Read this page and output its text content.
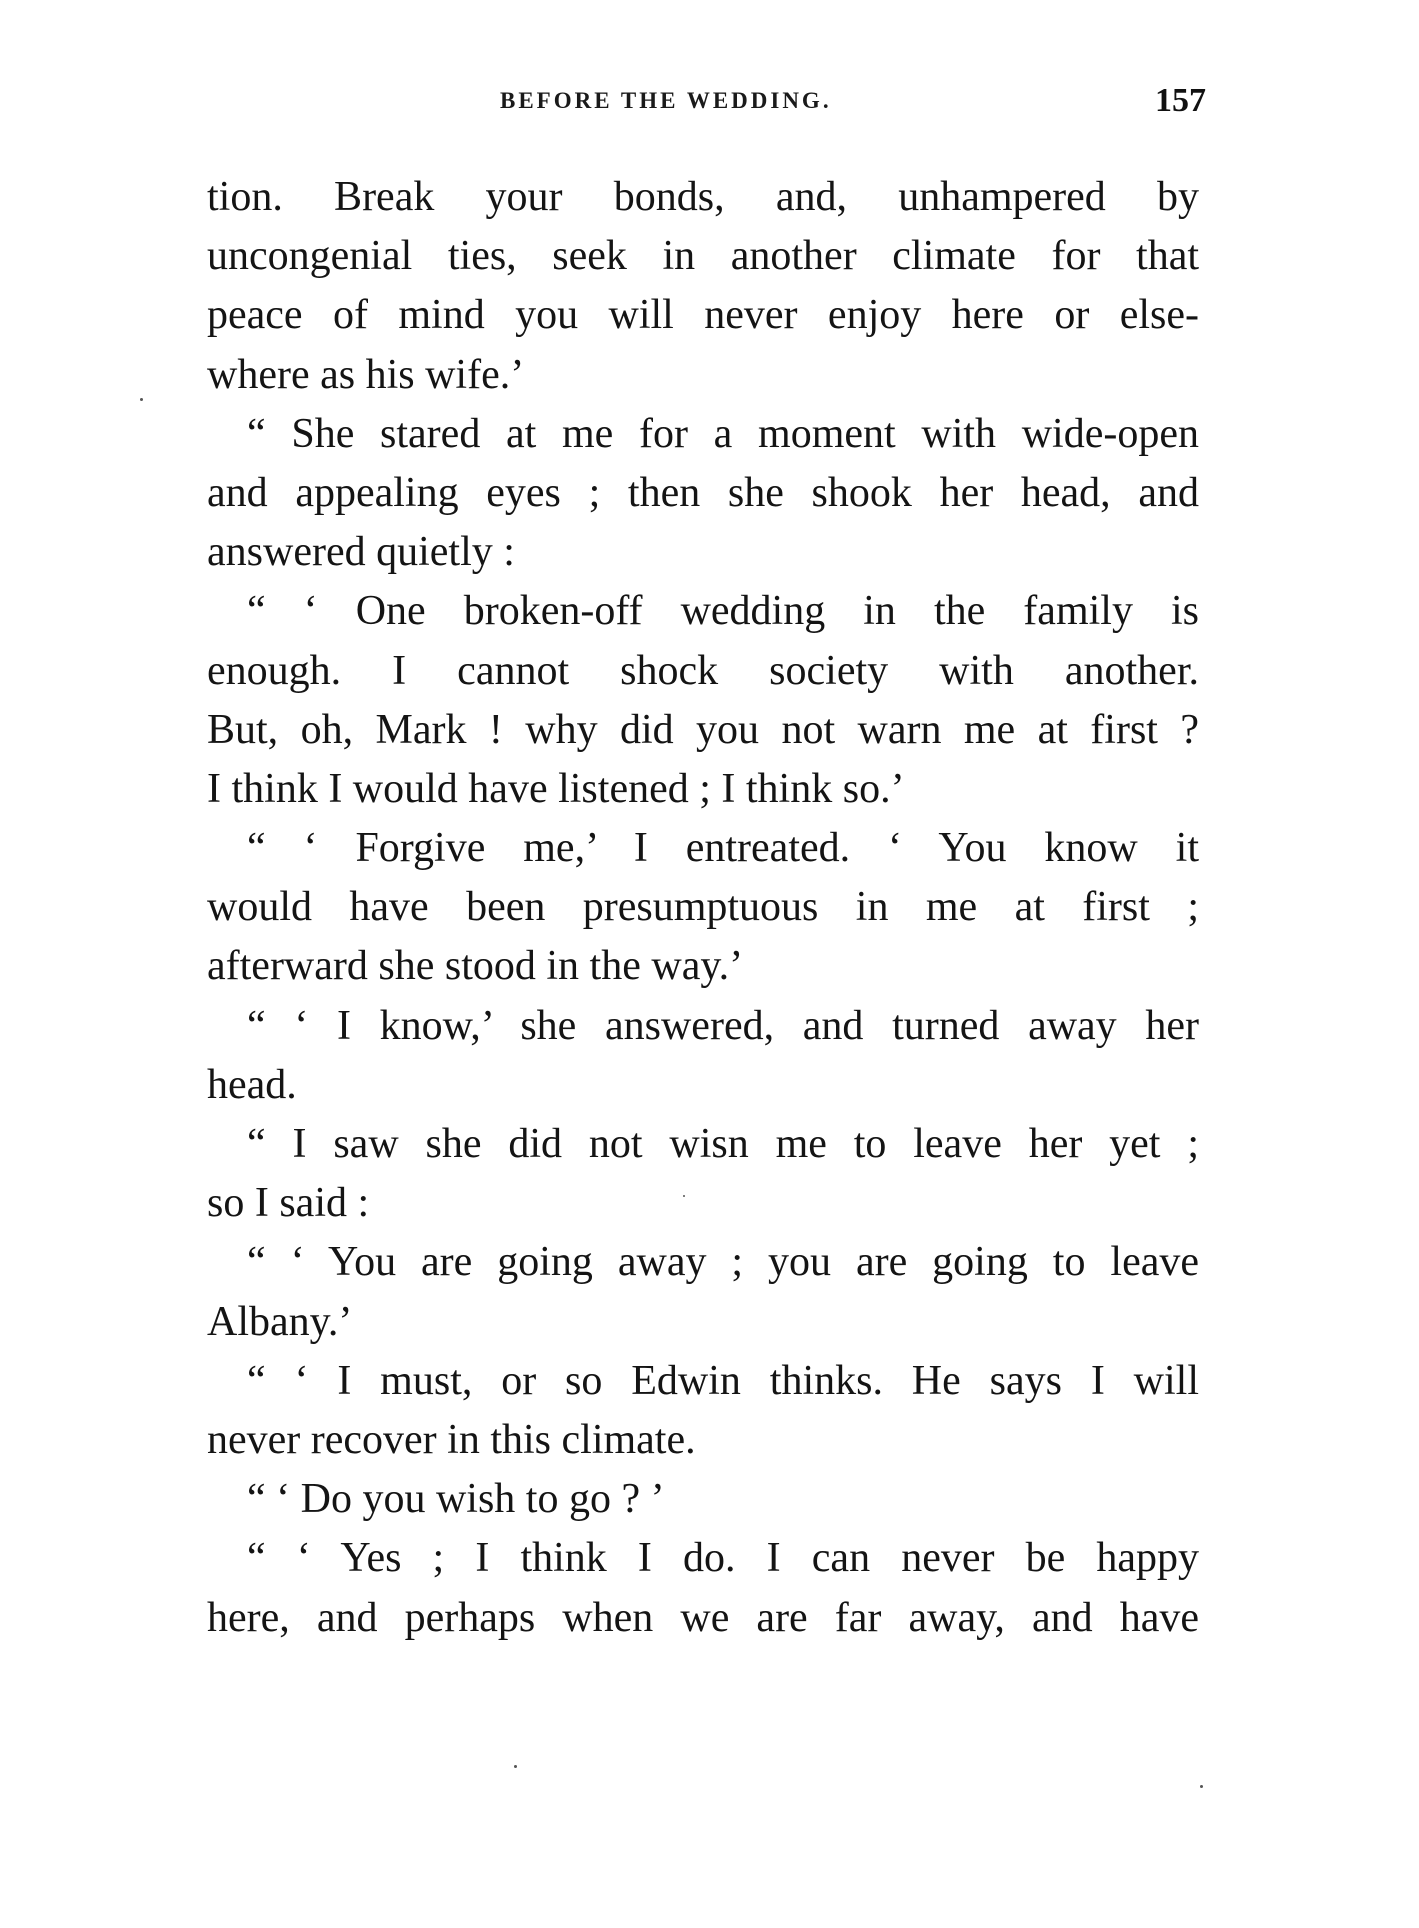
BEFORE THE WEDDING.	157
tion. Break your bonds, and, unhampered by
uncongenial ties, seek in another climate for that
peace of mind you will never enjoy here or else-
where as his wife.’
“ She stared at me for a moment with wide-open
and appealing eyes ; then she shook her head, and
answered quietly :
“ ‘ One broken-off wedding in the family is
enough. I cannot shock society with another.
But, oh, Mark ! why did you not warn me at first ?
I think I would have listened ; I think so.’
“ ‘ Forgive me,’ I entreated. ‘ You know it
would have been presumptuous in me at first ;
afterward she stood in the way.’
“ ‘ I know,’ she answered, and turned away her
head.
“ I saw she did not wisn me to leave her yet ;
so I said :
“ ‘ You are going away ; you are going to leave
Albany.’
“ ‘ I must, or so Edwin thinks. He says I will
never recover in this climate.
“ ‘ Do you wish to go ? ’
“ ‘ Yes ; I think I do. I can never be happy
here, and perhaps when we are far away, and have
